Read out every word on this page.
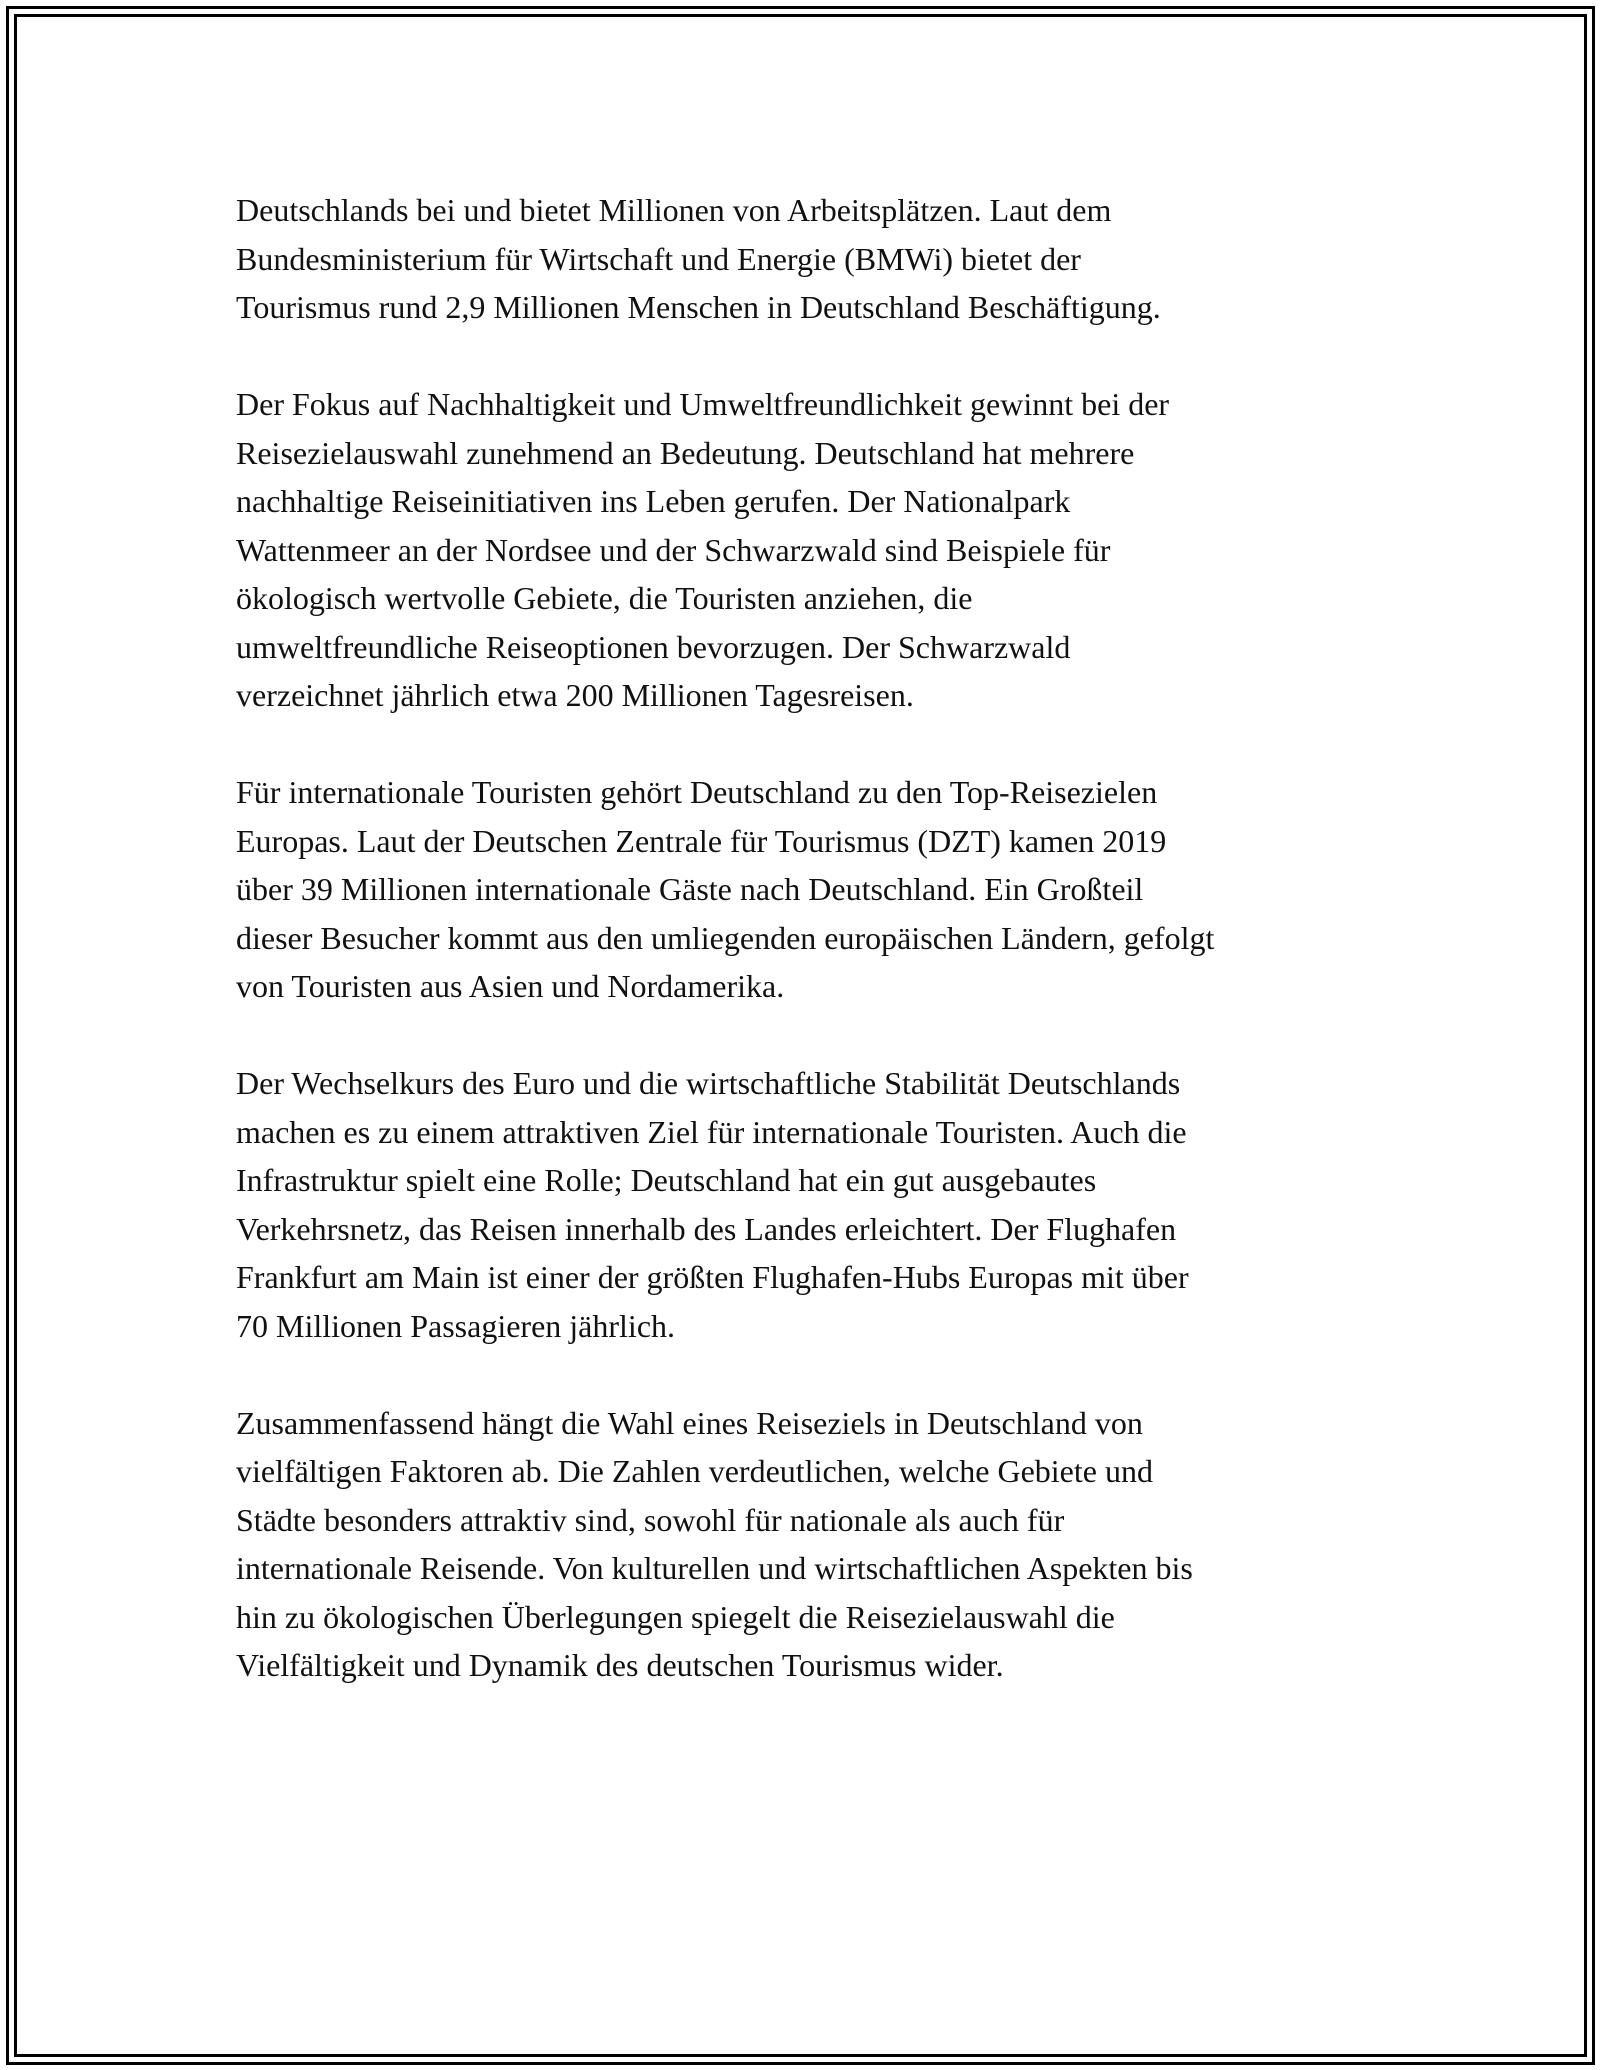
Deutschlands bei und bietet Millionen von Arbeitsplätzen. Laut dem
Bundesministerium für Wirtschaft und Energie (BMWi) bietet der
Tourismus rund 2,9 Millionen Menschen in Deutschland Beschäftigung.

Der Fokus auf Nachhaltigkeit und Umweltfreundlichkeit gewinnt bei der
Reisezielauswahl zunehmend an Bedeutung. Deutschland hat mehrere
nachhaltige Reiseinitiativen ins Leben gerufen. Der Nationalpark
Wattenmeer an der Nordsee und der Schwarzwald sind Beispiele für
ökologisch wertvolle Gebiete, die Touristen anziehen, die
umweltfreundliche Reiseoptionen bevorzugen. Der Schwarzwald
verzeichnet jährlich etwa 200 Millionen Tagesreisen.

Für internationale Touristen gehört Deutschland zu den Top-Reisezielen
Europas. Laut der Deutschen Zentrale für Tourismus (DZT) kamen 2019
über 39 Millionen internationale Gäste nach Deutschland. Ein Großteil
dieser Besucher kommt aus den umliegenden europäischen Ländern, gefolgt
von Touristen aus Asien und Nordamerika.

Der Wechselkurs des Euro und die wirtschaftliche Stabilität Deutschlands
machen es zu einem attraktiven Ziel für internationale Touristen. Auch die
Infrastruktur spielt eine Rolle; Deutschland hat ein gut ausgebautes
Verkehrsnetz, das Reisen innerhalb des Landes erleichtert. Der Flughafen
Frankfurt am Main ist einer der größten Flughafen-Hubs Europas mit über
70 Millionen Passagieren jährlich.

Zusammenfassend hängt die Wahl eines Reiseziels in Deutschland von
vielfältigen Faktoren ab. Die Zahlen verdeutlichen, welche Gebiete und
Städte besonders attraktiv sind, sowohl für nationale als auch für
internationale Reisende. Von kulturellen und wirtschaftlichen Aspekten bis
hin zu ökologischen Überlegungen spiegelt die Reisezielauswahl die
Vielfältigkeit und Dynamik des deutschen Tourismus wider.
